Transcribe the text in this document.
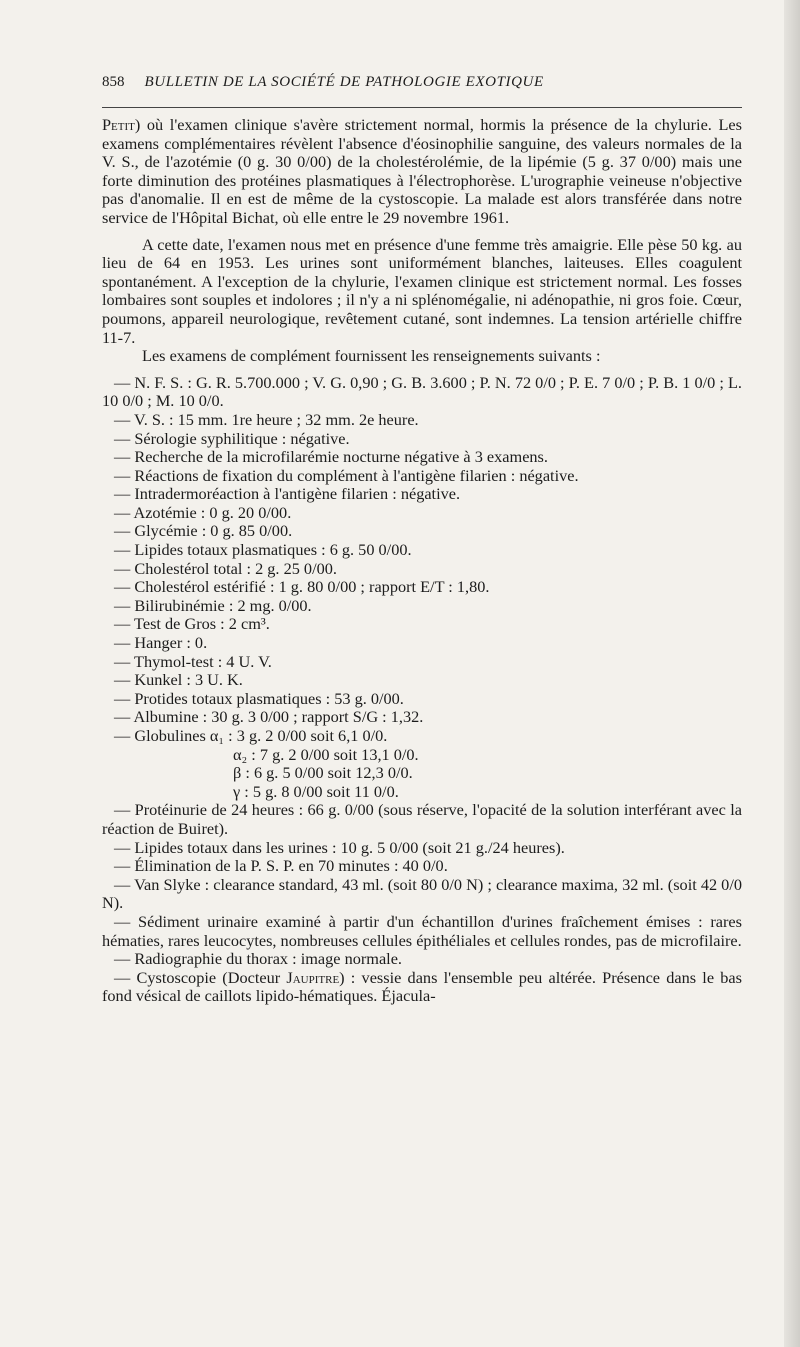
858 BULLETIN DE LA SOCIÉTÉ DE PATHOLOGIE EXOTIQUE

Petit) où l'examen clinique s'avère strictement normal, hormis la présence de la chylurie. Les examens complémentaires révèlent l'absence d'éosinophilie sanguine, des valeurs normales de la V. S., de l'azotémie (0 g. 30 0/00) de la cholestérolémie, de la lipémie (5 g. 37 0/00) mais une forte diminution des protéines plasmatiques à l'électrophorèse. L'urographie veineuse n'objective pas d'anomalie. Il en est de même de la cystoscopie. La malade est alors transférée dans notre service de l'Hôpital Bichat, où elle entre le 29 novembre 1961.

A cette date, l'examen nous met en présence d'une femme très amaigrie. Elle pèse 50 kg. au lieu de 64 en 1953. Les urines sont uniformément blanches, laiteuses. Elles coagulent spontanément. A l'exception de la chylurie, l'examen clinique est strictement normal. Les fosses lombaires sont souples et indolores ; il n'y a ni splénomégalie, ni adénopathie, ni gros foie. Cœur, poumons, appareil neurologique, revêtement cutané, sont indemnes. La tension artérielle chiffre 11-7.

Les examens de complément fournissent les renseignements suivants :

— N. F. S. : G. R. 5.700.000 ; V. G. 0,90 ; G. B. 3.600 ; P. N. 72 0/0 ; P. E. 7 0/0 ; P. B. 1 0/0 ; L. 10 0/0 ; M. 10 0/0.

— V. S. : 15 mm. 1re heure ; 32 mm. 2e heure.

— Sérologie syphilitique : négative.

— Recherche de la microfilarémie nocturne négative à 3 examens.

— Réactions de fixation du complément à l'antigène filarien : négative.

— Intradermoréaction à l'antigène filarien : négative.

— Azotémie : 0 g. 20 0/00.

— Glycémie : 0 g. 85 0/00.

— Lipides totaux plasmatiques : 6 g. 50 0/00.

— Cholestérol total : 2 g. 25 0/00.

— Cholestérol estérifié : 1 g. 80 0/00 ; rapport E/T : 1,80.

— Bilirubinémie : 2 mg. 0/00.

— Test de Gros : 2 cm³.

— Hanger : 0.

— Thymol-test : 4 U. V.

— Kunkel : 3 U. K.

— Protides totaux plasmatiques : 53 g. 0/00.

— Albumine : 30 g. 3 0/00 ; rapport S/G : 1,32.

— Globulines α₁ : 3 g. 2 0/00 soit 6,1 0/0.

α₂ : 7 g. 2 0/00 soit 13,1 0/0.

β : 6 g. 5 0/00 soit 12,3 0/0.

γ : 5 g. 8 0/00 soit 11 0/0.

— Protéinurie de 24 heures : 66 g. 0/00 (sous réserve, l'opacité de la solution interférant avec la réaction de Buiret).

— Lipides totaux dans les urines : 10 g. 5 0/00 (soit 21 g./24 heures).

— Élimination de la P. S. P. en 70 minutes : 40 0/0.

— Van Slyke : clearance standard, 43 ml. (soit 80 0/0 N) ; clearance maxima, 32 ml. (soit 42 0/0 N).

— Sédiment urinaire examiné à partir d'un échantillon d'urines fraîchement émises : rares hématies, rares leucocytes, nombreuses cellules épithéliales et cellules rondes, pas de microfilaire.

— Radiographie du thorax : image normale.

— Cystoscopie (Docteur Jaupitre) : vessie dans l'ensemble peu altérée. Présence dans le bas fond vésical de caillots lipido-hématiques. Éjacula-
